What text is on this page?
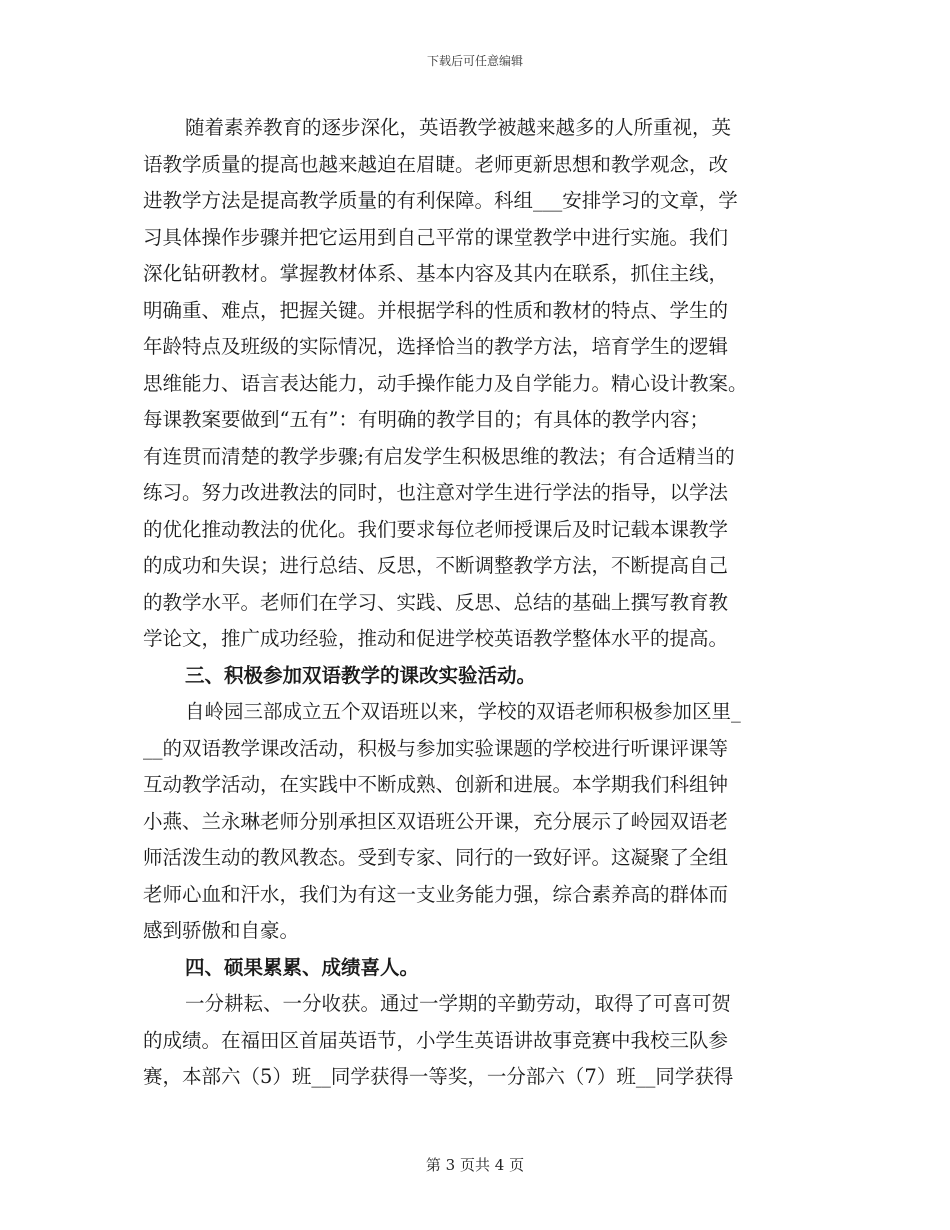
下载后可任意编辑
随着素养教育的逐步深化，英语教学被越来越多的人所重视，英
语教学质量的提高也越来越迫在眉睫。老师更新思想和教学观念，改
进教学方法是提高教学质量的有利保障。科组___安排学习的文章，学
习具体操作步骤并把它运用到自己平常的课堂教学中进行实施。我们
深化钻研教材。掌握教材体系、基本内容及其内在联系，抓住主线，
明确重、难点，把握关键。并根据学科的性质和教材的特点、学生的
年龄特点及班级的实际情况，选择恰当的教学方法，培育学生的逻辑
思维能力、语言表达能力，动手操作能力及自学能力。精心设计教案。
每课教案要做到“五有”：有明确的教学目的；有具体的教学内容；
有连贯而清楚的教学步骤;有启发学生积极思维的教法；有合适精当的
练习。努力改进教法的同时，也注意对学生进行学法的指导，以学法
的优化推动教法的优化。我们要求每位老师授课后及时记载本课教学
的成功和失误；进行总结、反思，不断调整教学方法，不断提高自己
的教学水平。老师们在学习、实践、反思、总结的基础上撰写教育教
学论文，推广成功经验，推动和促进学校英语教学整体水平的提高。
三、积极参加双语教学的课改实验活动。
自岭园三部成立五个双语班以来，学校的双语老师积极参加区里_
__的双语教学课改活动，积极与参加实验课题的学校进行听课评课等
互动教学活动，在实践中不断成熟、创新和进展。本学期我们科组钟
小燕、兰永琳老师分别承担区双语班公开课，充分展示了岭园双语老
师活泼生动的教风教态。受到专家、同行的一致好评。这凝聚了全组
老师心血和汗水，我们为有这一支业务能力强，综合素养高的群体而
感到骄傲和自豪。
四、硕果累累、成绩喜人。
一分耕耘、一分收获。通过一学期的辛勤劳动，取得了可喜可贺
的成绩。在福田区首届英语节，小学生英语讲故事竞赛中我校三队参
赛，本部六（5）班__同学获得一等奖，一分部六（7）班__同学获得
第 3 页共 4 页
